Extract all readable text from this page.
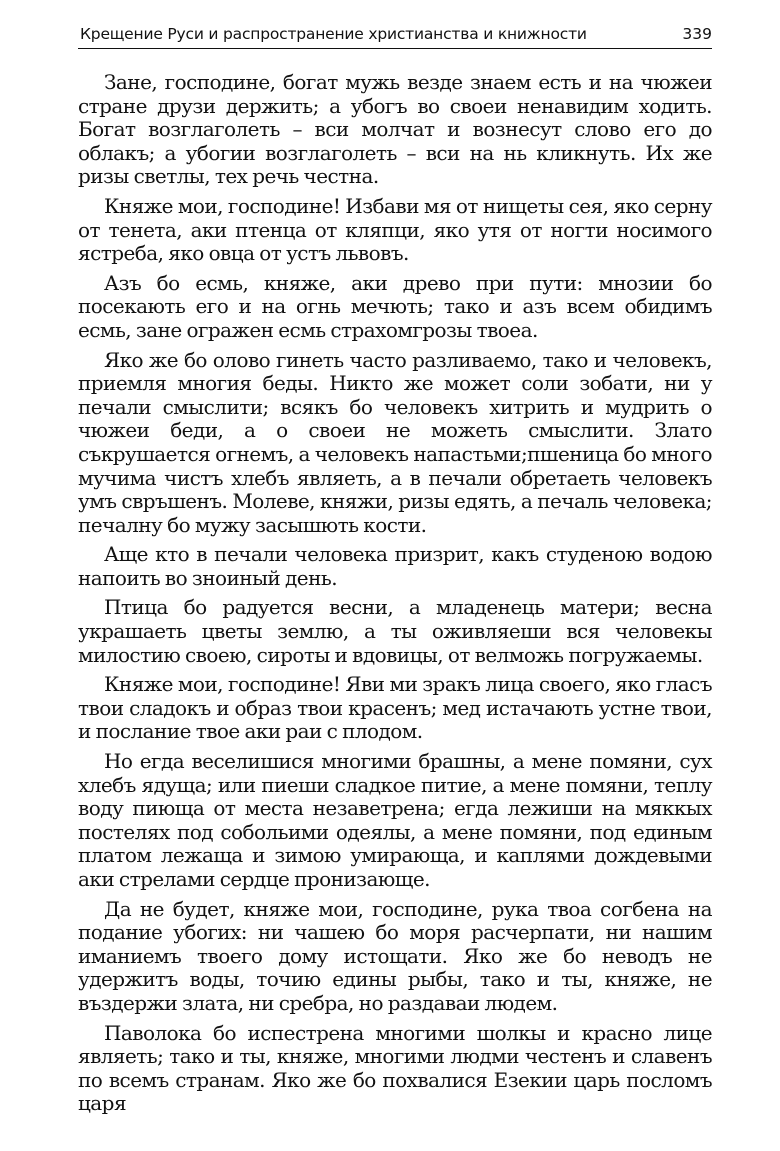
Крещение Руси и распространение христианства и книжности	339

Зане, господине, богат мужь везде знаем есть и на чюжеи стране друзи держить; а убогъ во своеи ненавидим ходить. Богат возглаголеть – вси молчат и вознесут слово его до облакъ; а убогии возглаголеть – вси на нь кликнуть. Их же ризы светлы, тех речь честна.

Княже мои, господине! Избави мя от нищеты сея, яко серну от тенета, аки птенца от кляпци, яко утя от ногти носимого ястреба, яко овца от устъ львовъ.

Азъ бо есмь, княже, аки древо при пути: мнозии бо посекають его и на огнь мечють; тако и азъ всем обидимъ есмь, зане огражен есмь страхомгрозы твоеа.

Яко же бо олово гинеть часто разливаемо, тако и человекъ, приемля многия беды. Никто же может соли зобати, ни у печали смыслити; всякъ бо человекъ хитрить и мудрить о чюжеи беди, а о своеи не можеть смыслити. Злато съкрушается огнемъ, а человекъ напастьми;пшеница бо много мучима чистъ хлебъ являеть, а в печали обретаеть человекъ умъ свръшенъ. Молеве, княжи, ризы едять, а печаль человека; печалну бо мужу засышють кости.

Аще кто в печали человека призрит, какъ студеною водою напоить во зноиный день.

Птица бо радуется весни, а младенець матери; весна украшаеть цветы землю, а ты оживляеши вся человекы милостию своею, сироты и вдовицы, от велможь погружаемы.

Княже мои, господине! Яви ми зракъ лица своего, яко гласъ твои сладокъ и образ твои красенъ; мед истачають устне твои, и послание твое аки раи с плодом.

Но егда веселишися многими брашны, а мене помяни, сух хлебъ ядуща; или пиеши сладкое питие, а мене помяни, теплу воду пиюща от места незаветрена; егда лежиши на мяккых постелях под собольими одеялы, а мене помяни, под единым платом лежаща и зимою умирающа, и каплями дождевыми аки стрелами сердце пронизающе.

Да не будет, княже мои, господине, рука твоа согбена на подание убогих: ни чашею бо моря расчерпати, ни нашим иманиемъ твоего дому истощати. Яко же бо неводъ не удержитъ воды, точию едины рыбы, тако и ты, княже, не въздержи злата, ни сребра, но раздаваи людем.

Паволока бо испестрена многими шолкы и красно лице являеть; тако и ты, княже, многими людми честенъ и славенъ по всемъ странам. Яко же бо похвалися Езекии царь посломъ царя
